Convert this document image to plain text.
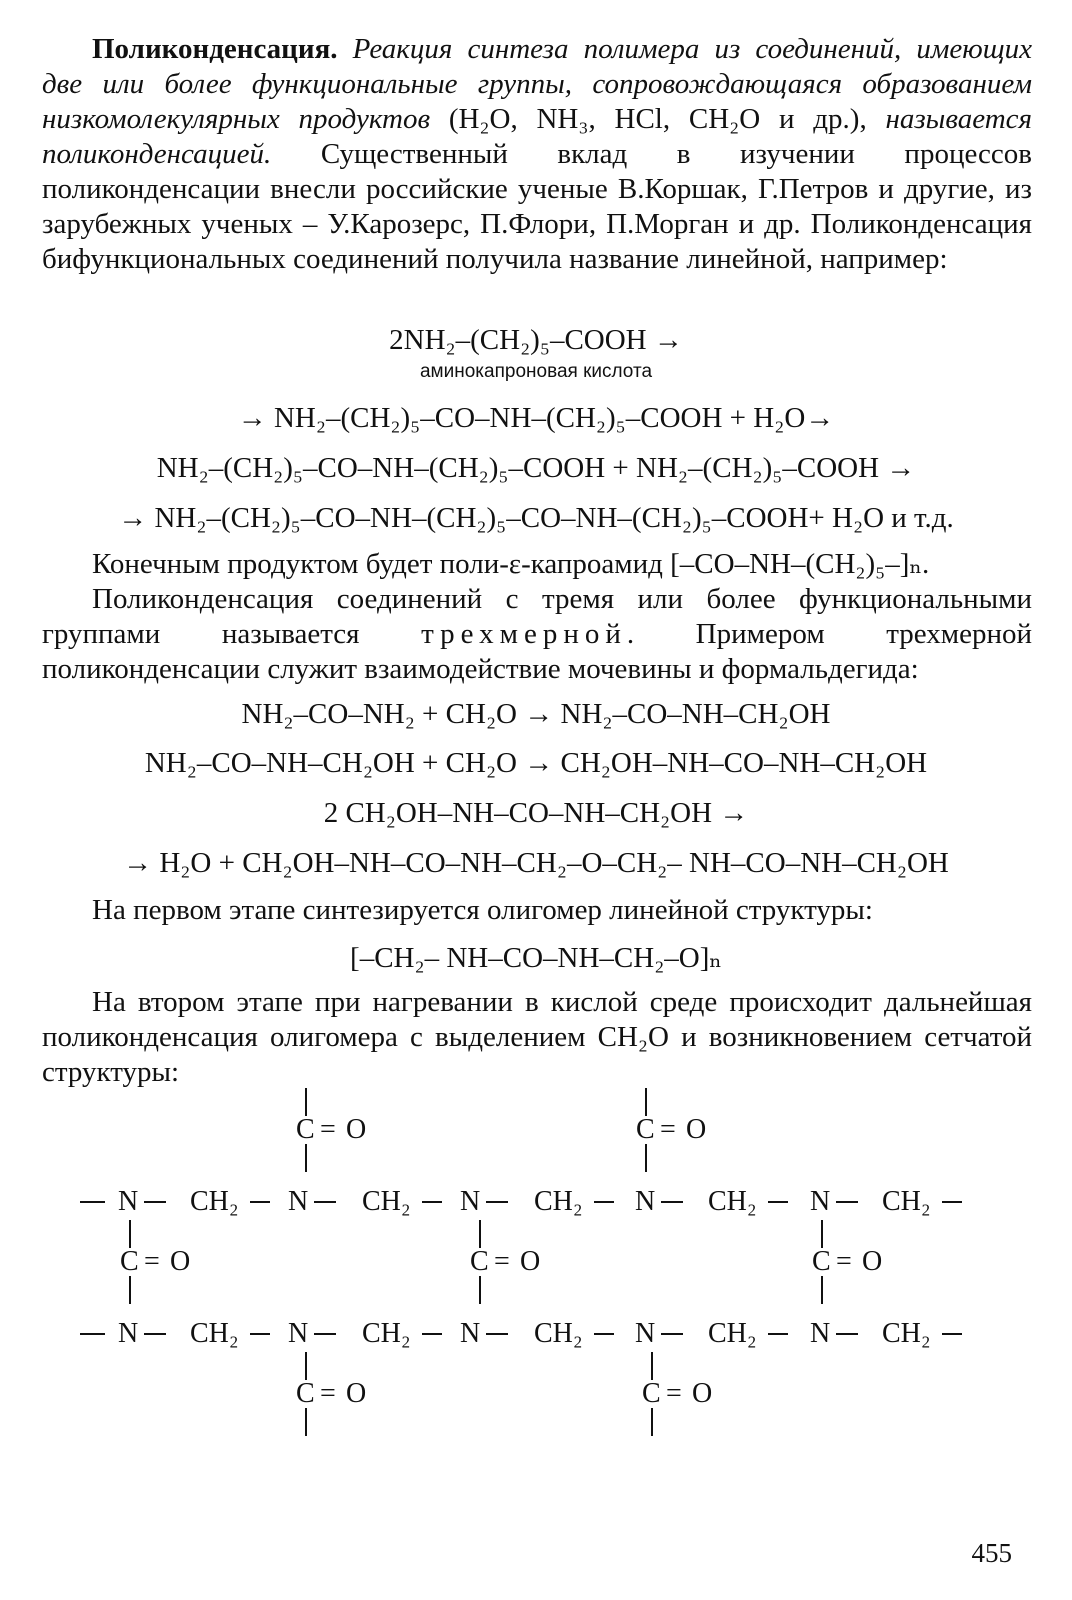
Поликонденсация. Реакция синтеза полимера из соединений, имеющих две или более функциональные группы, сопровождающаяся образованием низкомолекулярных продуктов (H₂O, NH₃, HCl, CH₂O и др.), называется поликонденсацией. Существенный вклад в изучении процессов поликонденсации внесли российские ученые В.Коршак, Г.Петров и другие, из зарубежных ученых – У.Карозерс, П.Флори, П.Морган и др. Поликонденсация бифункциональных соединений получила название линейной, например:
2NH₂–(CH₂)₅–COOH →
аминокапроновая кислота
→ NH₂–(CH₂)₅–CO–NH–(CH₂)₅–COOH + H₂O→
NH₂–(CH₂)₅–CO–NH–(CH₂)₅–COOH + NH₂–(CH₂)₅–COOH →
→ NH₂–(CH₂)₅–CO–NH–(CH₂)₅–CO–NH–(CH₂)₅–COOH+ H₂O и т.д.
Конечным продуктом будет поли-ε-капроамид [–CO–NH–(CH₂)₅–]ₙ.
Поликонденсация соединений с тремя или более функциональными группами называется трехмерной. Примером трехмерной поликонденсации служит взаимодействие мочевины и формальдегида:
NH₂–CO–NH₂ + CH₂O → NH₂–CO–NH–CH₂OH
NH₂–CO–NH–CH₂OH + CH₂O → CH₂OH–NH–CO–NH–CH₂OH
2 CH₂OH–NH–CO–NH–CH₂OH →
→ H₂O + CH₂OH–NH–CO–NH–CH₂–O–CH₂– NH–CO–NH–CH₂OH
На первом этапе синтезируется олигомер линейной структуры:
[–CH₂– NH–CO–NH–CH₂–O]ₙ
На втором этапе при нагревании в кислой среде происходит дальнейшая поликонденсация олигомера с выделением CH₂O и возникновением сетчатой структуры:
C = O	C = O
N CH₂ N CH₂ N CH₂ N CH₂ N CH₂
C = O	C = O	C = O
N CH₂ N CH₂ N CH₂ N CH₂ N CH₂
C = O	C = O
455
